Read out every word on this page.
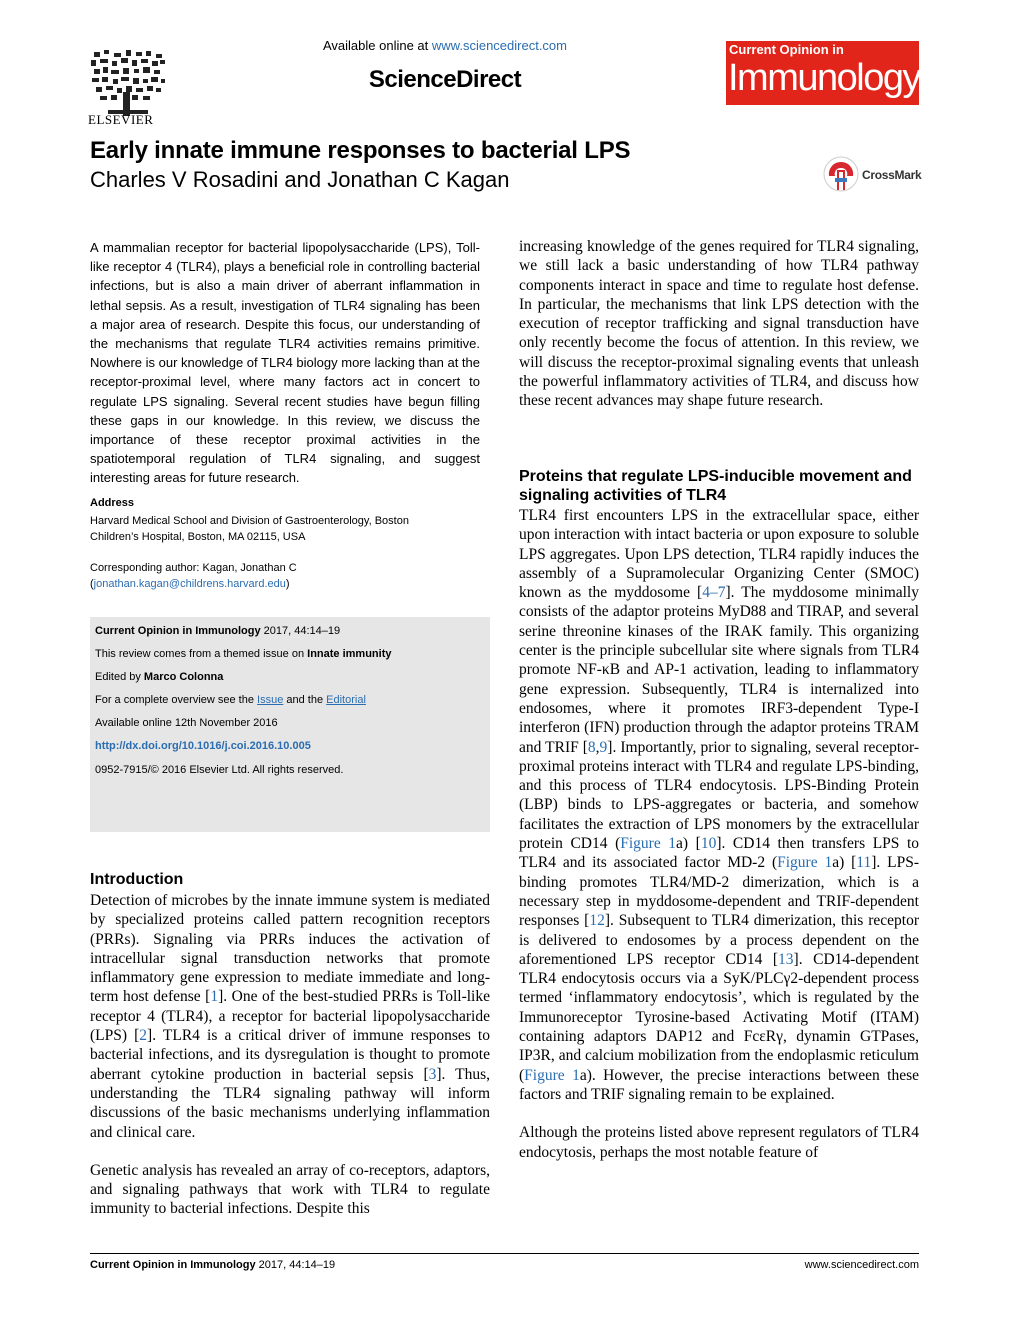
ELSEVIER
Available online at www.sciencedirect.com
ScienceDirect
Current Opinion in
Immunology
Early innate immune responses to bacterial LPS
Charles V Rosadini and Jonathan C Kagan	CrossMark
A mammalian receptor for bacterial lipopolysaccharide (LPS), Toll-like receptor 4 (TLR4), plays a beneficial role in controlling bacterial infections, but is also a main driver of aberrant inflammation in lethal sepsis. As a result, investigation of TLR4 signaling has been a major area of research. Despite this focus, our understanding of the mechanisms that regulate TLR4 activities remains primitive. Nowhere is our knowledge of TLR4 biology more lacking than at the receptor-proximal level, where many factors act in concert to regulate LPS signaling. Several recent studies have begun filling these gaps in our knowledge. In this review, we discuss the importance of these receptor proximal activities in the spatiotemporal regulation of TLR4 signaling, and suggest interesting areas for future research.
Address
Harvard Medical School and Division of Gastroenterology, Boston
Children’s Hospital, Boston, MA 02115, USA
Corresponding author: Kagan, Jonathan C
(jonathan.kagan@childrens.harvard.edu)
Current Opinion in Immunology 2017, 44:14–19
This review comes from a themed issue on Innate immunity
Edited by Marco Colonna
For a complete overview see the Issue and the Editorial
Available online 12th November 2016
http://dx.doi.org/10.1016/j.coi.2016.10.005
0952-7915/© 2016 Elsevier Ltd. All rights reserved.
Introduction

Detection of microbes by the innate immune system is mediated by specialized proteins called pattern recognition receptors (PRRs). Signaling via PRRs induces the activation of intracellular signal transduction networks that promote inflammatory gene expression to mediate immediate and long-term host defense [1]. One of the best-studied PRRs is Toll-like receptor 4 (TLR4), a receptor for bacterial lipopolysaccharide (LPS) [2]. TLR4 is a critical driver of immune responses to bacterial infections, and its dysregulation is thought to promote aberrant cytokine production in bacterial sepsis [3]. Thus, understanding the TLR4 signaling pathway will inform discussions of the basic mechanisms underlying inflammation and clinical care.

Genetic analysis has revealed an array of co-receptors, adaptors, and signaling pathways that work with TLR4 to regulate immunity to bacterial infections. Despite this

increasing knowledge of the genes required for TLR4 signaling, we still lack a basic understanding of how TLR4 pathway components interact in space and time to regulate host defense. In particular, the mechanisms that link LPS detection with the execution of receptor trafficking and signal transduction have only recently become the focus of attention. In this review, we will discuss the receptor-proximal signaling events that unleash the powerful inflammatory activities of TLR4, and discuss how these recent advances may shape future research.

Proteins that regulate LPS-inducible movement and signaling activities of TLR4

TLR4 first encounters LPS in the extracellular space, either upon interaction with intact bacteria or upon exposure to soluble LPS aggregates. Upon LPS detection, TLR4 rapidly induces the assembly of a Supramolecular Organizing Center (SMOC) known as the myddosome [4–7]. The myddosome minimally consists of the adaptor proteins MyD88 and TIRAP, and several serine threonine kinases of the IRAK family. This organizing center is the principle subcellular site where signals from TLR4 promote NF-κB and AP-1 activation, leading to inflammatory gene expression. Subsequently, TLR4 is internalized into endosomes, where it promotes IRF3-dependent Type-I interferon (IFN) production through the adaptor proteins TRAM and TRIF [8,9]. Importantly, prior to signaling, several receptor-proximal proteins interact with TLR4 and regulate LPS-binding, and this process of TLR4 endocytosis. LPS-Binding Protein (LBP) binds to LPS-aggregates or bacteria, and somehow facilitates the extraction of LPS monomers by the extracellular protein CD14 (Figure 1a) [10]. CD14 then transfers LPS to TLR4 and its associated factor MD-2 (Figure 1a) [11]. LPS-binding promotes TLR4/MD-2 dimerization, which is a necessary step in myddosome-dependent and TRIF-dependent responses [12]. Subsequent to TLR4 dimerization, this receptor is delivered to endosomes by a process dependent on the aforementioned LPS receptor CD14 [13]. CD14-dependent TLR4 endocytosis occurs via a SyK/PLCγ2-dependent process termed ‘inflammatory endocytosis’, which is regulated by the Immunoreceptor Tyrosine-based Activating Motif (ITAM) containing adaptors DAP12 and FcεRγ, dynamin GTPases, IP3R, and calcium mobilization from the endoplasmic reticulum (Figure 1a). However, the precise interactions between these factors and TRIF signaling remain to be explained.

Although the proteins listed above represent regulators of TLR4 endocytosis, perhaps the most notable feature of

Current Opinion in Immunology 2017, 44:14–19	www.sciencedirect.com
